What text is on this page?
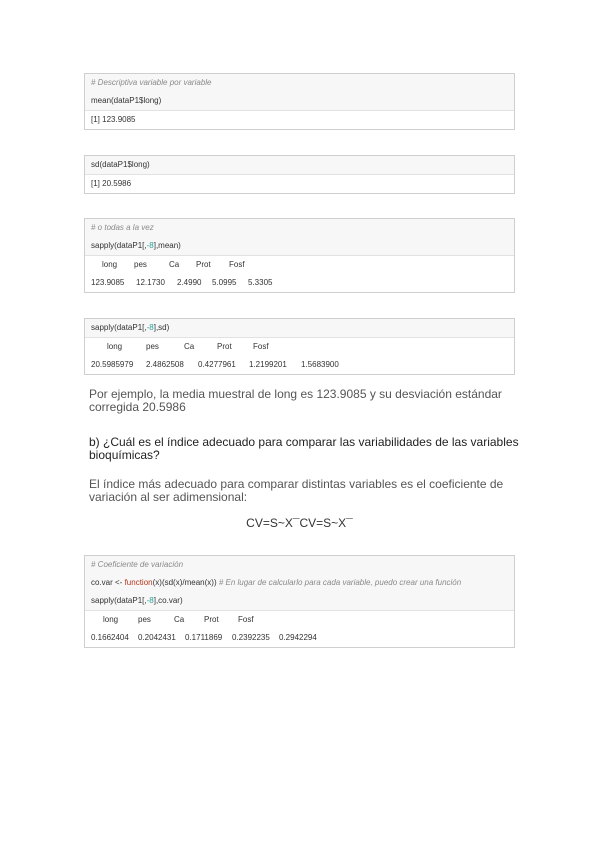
# Descriptiva variable por variable
mean(dataP1$long)
[1] 123.9085
sd(dataP1$long)
[1] 20.5986
# o todas a la vez
sapply(dataP1[,-8],mean)
long	pes	Ca	Prot	Fosf
123.9085	12.1730	2.4990	5.0995	5.3305
sapply(dataP1[,-8],sd)
long	pes	Ca	Prot	Fosf
20.5985979	2.4862508	0.4277961	1.2199201	1.5683900
Por ejemplo, la media muestral de long es 123.9085 y su desviación estándar corregida 20.5986
b) ¿Cuál es el índice adecuado para comparar las variabilidades de las variables bioquímicas?
El índice más adecuado para comparar distintas variables es el coeficiente de variación al ser adimensional:
CV=S~X¯CV=S~X¯
# Coeficiente de variación
co.var <- function(x)(sd(x)/mean(x)) # En lugar de calcularlo para cada variable, puedo crear una función
sapply(dataP1[,-8],co.var)
long	pes	Ca	Prot	Fosf
0.1662404	0.2042431	0.1711869	0.2392235	0.2942294
